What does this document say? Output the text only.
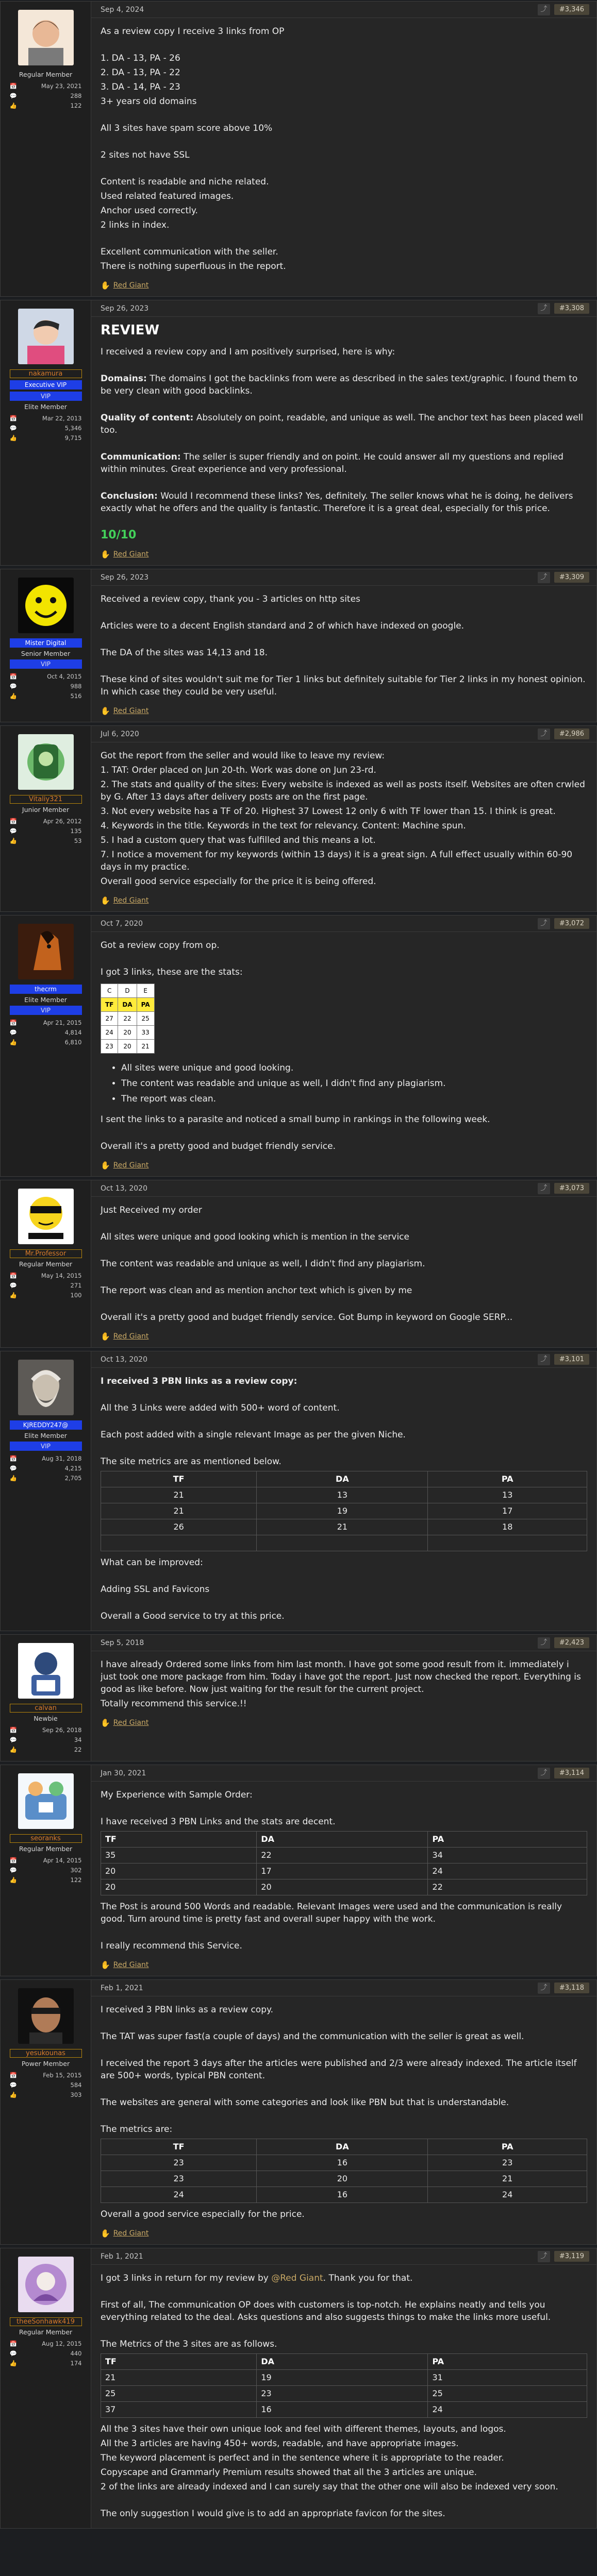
Regular Member
📅	May 23, 2021
💬	288
👍	122
Sep 4, 2024	⤴	#3,346

As a review copy I receive 3 links from OP

1. DA - 13, PA - 26

2. DA - 13, PA - 22

3. DA - 14, PA - 23

3+ years old domains

All 3 sites have spam score above 10%

2 sites not have SSL

Content is readable and niche related.

Used related featured images.

Anchor used correctly.

2 links in index.

Excellent communication with the seller.

There is nothing superfluous in the report.

✋ Red Giant
nakamura
Executive VIP
VIP
Elite Member
📅	Mar 22, 2013
💬	5,346
👍	9,715
Sep 26, 2023	⤴	#3,308
REVIEW

I received a review copy and I am positively surprised, here is why:

Domains: The domains I got the backlinks from were as described in the sales text/graphic. I found them to be very clean with good backlinks.

Quality of content: Absolutely on point, readable, and unique as well. The anchor text has been placed well too.

Communication: The seller is super friendly and on point. He could answer all my questions and replied within minutes. Great experience and very professional.

Conclusion: Would I recommend these links? Yes, definitely. The seller knows what he is doing, he delivers exactly what he offers and the quality is fantastic. Therefore it is a great deal, especially for this price.

10/10

✋ Red Giant
Mister Digital
Senior Member
VIP
📅	Oct 4, 2015
💬	988
👍	516
Sep 26, 2023	⤴	#3,309

Received a review copy, thank you - 3 articles on http sites

Articles were to a decent English standard and 2 of which have indexed on google.

The DA of the sites was 14,13 and 18.

These kind of sites wouldn't suit me for Tier 1 links but definitely suitable for Tier 2 links in my honest opinion. In which case they could be very useful.

✋ Red Giant
Vitaliy321
Junior Member
📅	Apr 26, 2012
💬	135
👍	53
Jul 6, 2020	⤴	#2,986

Got the report from the seller and would like to leave my review:

1. TAT: Order placed on Jun 20-th. Work was done on Jun 23-rd.

2. The stats and quality of the sites: Every website is indexed as well as posts itself. Websites are often crwled by G. After 13 days after delivery posts are on the first page.

3. Not every website has a TF of 20. Highest 37 Lowest 12 only 6 with TF lower than 15. I think is great.

4. Keywords in the title. Keywords in the text for relevancy. Content: Machine spun.

5. I had a custom query that was fulfilled and this means a lot.

7. I notice a movement for my keywords (within 13 days) it is a great sign. A full effect usually within 60-90 days in my practice.

Overall good service especially for the price it is being offered.

✋ Red Giant
thecrm
Elite Member
VIP
📅	Apr 21, 2015
💬	4,814
👍	6,810
Oct 7, 2020	⤴	#3,072

Got a review copy from op.

I got 3 links, these are the stats:

C	D	E
TF	DA	PA
27	22	25
24	20	33
23	20	21
• All sites were unique and good looking.
• The content was readable and unique as well, I didn't find any plagiarism.
• The report was clean.

I sent the links to a parasite and noticed a small bump in rankings in the following week.

Overall it's a pretty good and budget friendly service.

✋ Red Giant
Mr.Professor
Regular Member
📅	May 14, 2015
💬	271
👍	100
Oct 13, 2020	⤴	#3,073

Just Received my order

All sites were unique and good looking which is mention in the service

The content was readable and unique as well, I didn't find any plagiarism.

The report was clean and as mention anchor text which is given by me

Overall it's a pretty good and budget friendly service. Got Bump in keyword on Google SERP...

✋ Red Giant
KJREDDY247@
Elite Member
VIP
📅	Aug 31, 2018
💬	4,215
👍	2,705
Oct 13, 2020	⤴	#3,101

I received 3 PBN links as a review copy:

All the 3 Links were added with 500+ word of content.

Each post added with a single relevant Image as per the given Niche.

The site metrics are as mentioned below.

TF	DA	PA
21	13	13
21	19	17
26	21	18

What can be improved:

Adding SSL and Favicons

Overall a Good service to try at this price.

calvan
Newbie
📅	Sep 26, 2018
💬	34
👍	22
Sep 5, 2018	⤴	#2,423

I have already Ordered some links from him last month. I have got some good result from it. immediately i just took one more package from him. Today i have got the report. Just now checked the report. Everything is good as like before. Now just waiting for the result for the current project.

Totally recommend this service.!!

✋ Red Giant
seoranks
Regular Member
📅	Apr 14, 2015
💬	302
👍	122
Jan 30, 2021	⤴	#3,114

My Experience with Sample Order:

I have received 3 PBN Links and the stats are decent.

TF	DA	PA
35	22	34
20	17	24
20	20	22

The Post is around 500 Words and readable. Relevant Images were used and the communication is really good. Turn around time is pretty fast and overall super happy with the work.

I really recommend this Service.

✋ Red Giant
yesukounas
Power Member
📅	Feb 15, 2015
💬	584
👍	303
Feb 1, 2021	⤴	#3,118

I received 3 PBN links as a review copy.

The TAT was super fast(a couple of days) and the communication with the seller is great as well.

I received the report 3 days after the articles were published and 2/3 were already indexed. The article itself are 500+ words, typical PBN content.

The websites are general with some categories and look like PBN but that is understandable.

The metrics are:

TF	DA	PA
23	16	23
23	20	21
24	16	24

Overall a good service especially for the price.

✋ Red Giant
theeSonhawk419
Regular Member
📅	Aug 12, 2015
💬	440
👍	174
Feb 1, 2021	⤴	#3,119

I got 3 links in return for my review by @Red Giant. Thank you for that.

First of all, The communication OP does with customers is top-notch. He explains neatly and tells you everything related to the deal. Asks questions and also suggests things to make the links more useful.

The Metrics of the 3 sites are as follows.

TF	DA	PA
21	19	31
25	23	25
37	16	24

All the 3 sites have their own unique look and feel with different themes, layouts, and logos.

All the 3 articles are having 450+ words, readable, and have appropriate images.

The keyword placement is perfect and in the sentence where it is appropriate to the reader.

Copyscape and Grammarly Premium results showed that all the 3 articles are unique.

2 of the links are already indexed and I can surely say that the other one will also be indexed very soon.

The only suggestion I would give is to add an appropriate favicon for the sites.
